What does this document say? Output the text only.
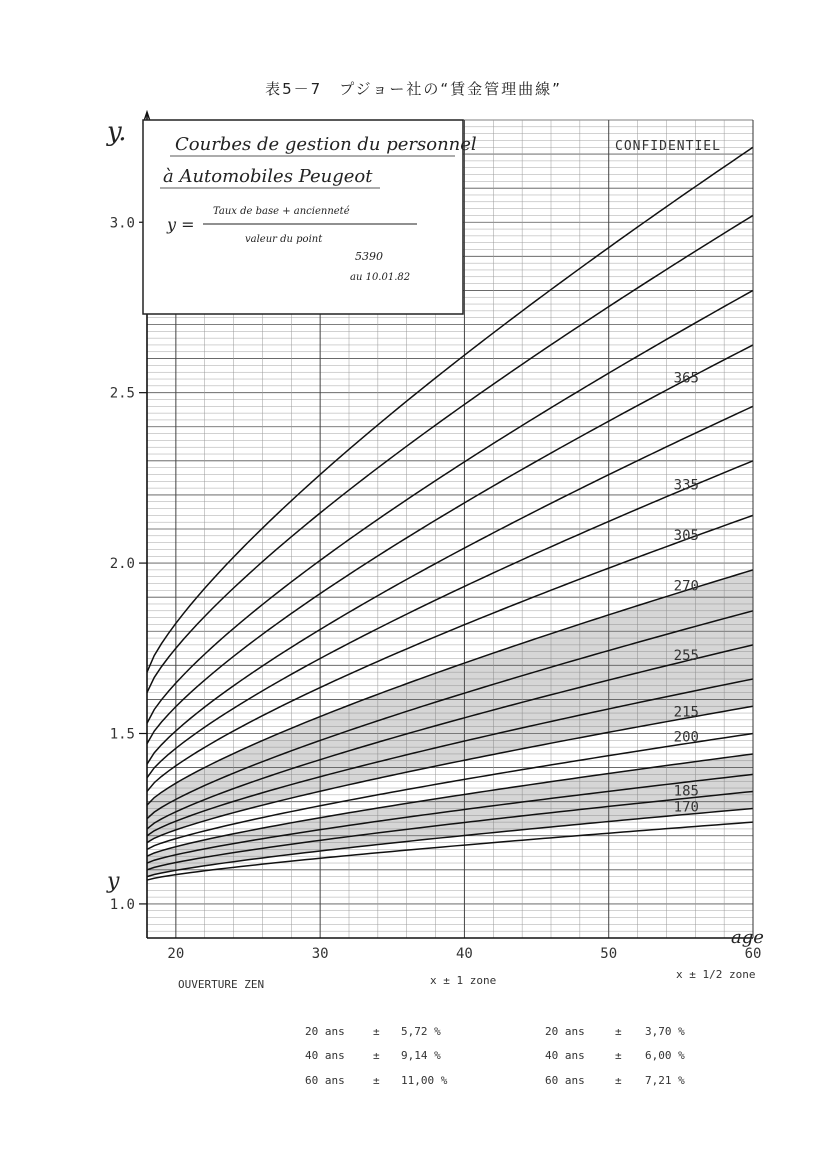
表5－7　プジョー社の“賃金管理曲線”
365
335
305
270
255
215
200
185
170
1.0
1.5
2.0
2.5
3.0
20	30	40	50	60
Courbes de gestion du personnel
à Automobiles Peugeot
y =
Taux de base + ancienneté
valeur du point
5390
au 10.01.82
CONFIDENTIEL
y.
y
age
OUVERTURE ZEN	x ± 1 zone	x ± 1/2 zone
20 ans	± 5,72 %
40 ans	± 9,14 %
60 ans	± 11,00 %
20 ans	± 3,70 %
40 ans	± 6,00 %
60 ans	± 7,21 %
